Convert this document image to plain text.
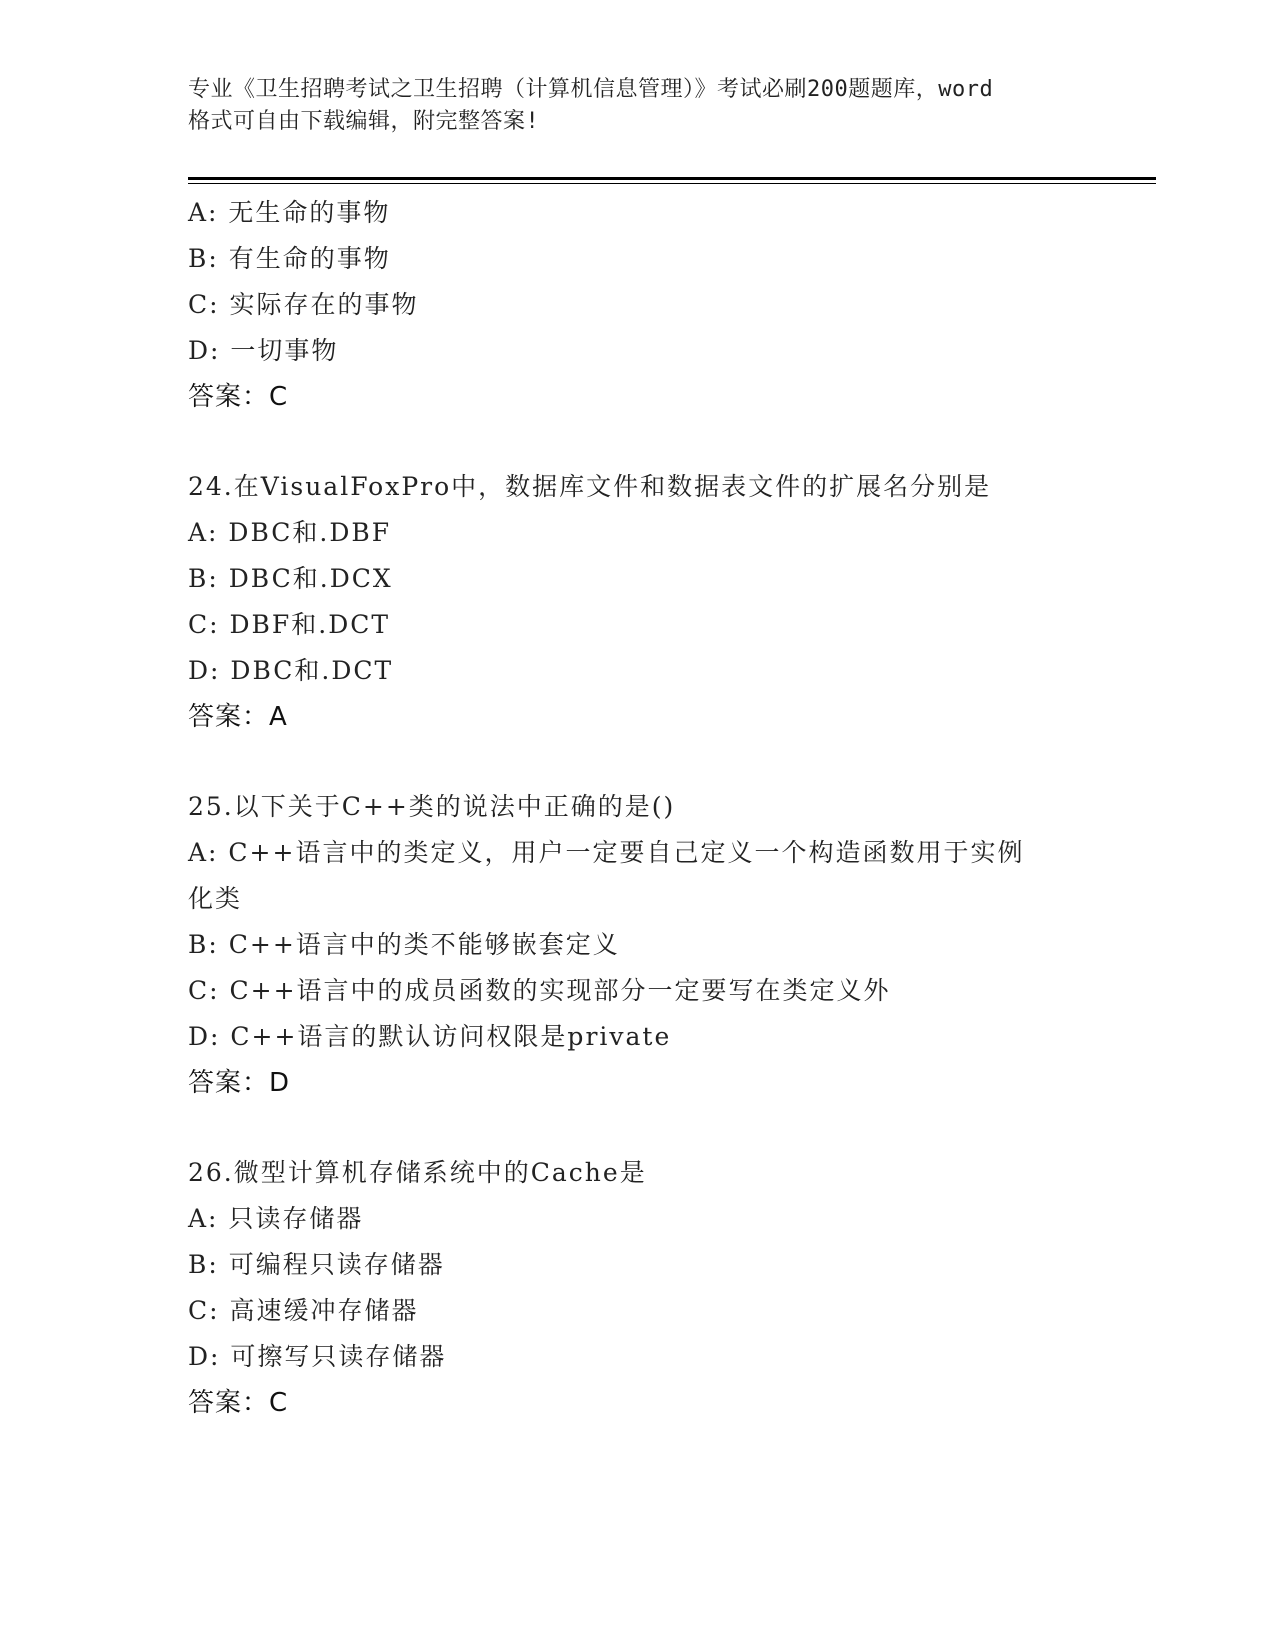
专业《卫生招聘考试之卫生招聘（计算机信息管理）》考试必刷200题题库，word
格式可自由下载编辑，附完整答案!
A: 无生命的事物
B: 有生命的事物
C: 实际存在的事物
D: 一切事物
答案：C
24.在VisualFoxPro中，数据库文件和数据表文件的扩展名分别是
A: DBC和.DBF
B: DBC和.DCX
C: DBF和.DCT
D: DBC和.DCT
答案：A
25.以下关于C++类的说法中正确的是()
A: C++语言中的类定义，用户一定要自己定义一个构造函数用于实例
化类
B: C++语言中的类不能够嵌套定义
C: C++语言中的成员函数的实现部分一定要写在类定义外
D: C++语言的默认访问权限是private
答案：D
26.微型计算机存储系统中的Cache是
A: 只读存储器
B: 可编程只读存储器
C: 高速缓冲存储器
D: 可擦写只读存储器
答案：C
